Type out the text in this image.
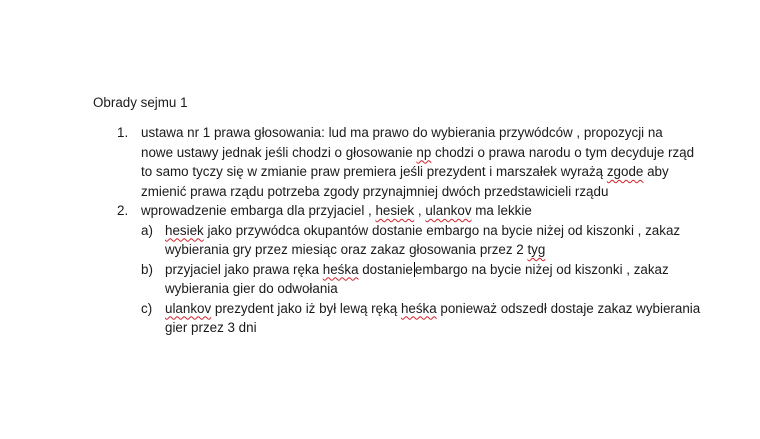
Obrady sejmu 1
1. ustawa nr 1 prawa głosowania: lud ma prawo do wybierania przywódców , propozycji na
nowe ustawy jednak jeśli chodzi o głosowanie np chodzi o prawa narodu o tym decyduje rząd
to samo tyczy się w zmianie praw premiera jeśli prezydent i marszałek wyrażą zgode aby
zmienić prawa rządu potrzeba zgody przynajmniej dwóch przedstawicieli rządu
2. wprowadzenie embarga dla przyjaciel , hesiek , ulankov ma lekkie
a) hesiek jako przywódca okupantów dostanie embargo na bycie niżej od kiszonki , zakaz
wybierania gry przez miesiąc oraz zakaz głosowania przez 2 tyg
b) przyjaciel jako prawa ręka heśka dostanie embargo na bycie niżej od kiszonki , zakaz
wybierania gier do odwołania
c) ulankov prezydent jako iż był lewą ręką heśka ponieważ odszedł dostaje zakaz wybierania
gier przez 3 dni
